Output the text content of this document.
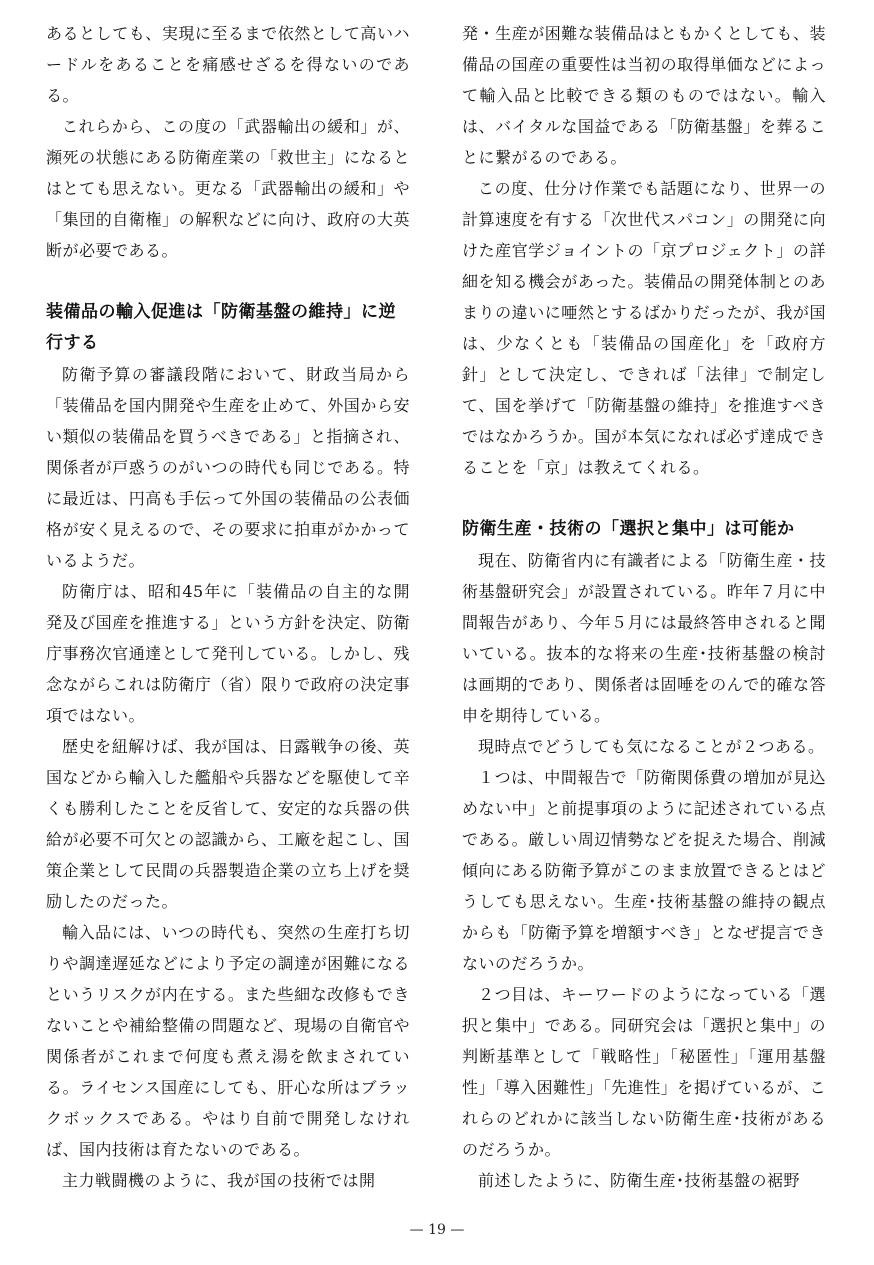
あるとしても、実現に至るまで依然として高いハードルをあることを痛感せざるを得ないのである。

これらから、この度の「武器輸出の緩和」が、瀕死の状態にある防衛産業の「救世主」になるとはとても思えない。更なる「武器輸出の緩和」や「集団的自衛権」の解釈などに向け、政府の大英断が必要である。

装備品の輸入促進は「防衛基盤の維持」に逆行する

防衛予算の審議段階において、財政当局から「装備品を国内開発や生産を止めて、外国から安い類似の装備品を買うべきである」と指摘され、関係者が戸惑うのがいつの時代も同じである。特に最近は、円高も手伝って外国の装備品の公表価格が安く見えるので、その要求に拍車がかかっているようだ。

防衛庁は、昭和45年に「装備品の自主的な開発及び国産を推進する」という方針を決定、防衛庁事務次官通達として発刊している。しかし、残念ながらこれは防衛庁（省）限りで政府の決定事項ではない。

歴史を紐解けば、我が国は、日露戦争の後、英国などから輸入した艦船や兵器などを駆使して辛くも勝利したことを反省して、安定的な兵器の供給が必要不可欠との認識から、工廠を起こし、国策企業として民間の兵器製造企業の立ち上げを奨励したのだった。

輸入品には、いつの時代も、突然の生産打ち切りや調達遅延などにより予定の調達が困難になるというリスクが内在する。また些細な改修もできないことや補給整備の問題など、現場の自衛官や関係者がこれまで何度も煮え湯を飲まされている。ライセンス国産にしても、肝心な所はブラックボックスである。やはり自前で開発しなければ、国内技術は育たないのである。

主力戦闘機のように、我が国の技術では開

発・生産が困難な装備品はともかくとしても、装備品の国産の重要性は当初の取得単価などによって輸入品と比較できる類のものではない。輸入は、バイタルな国益である「防衛基盤」を葬ることに繋がるのである。

この度、仕分け作業でも話題になり、世界一の計算速度を有する「次世代スパコン」の開発に向けた産官学ジョイントの「京プロジェクト」の詳細を知る機会があった。装備品の開発体制とのあまりの違いに唖然とするばかりだったが、我が国は、少なくとも「装備品の国産化」を「政府方針」として決定し、できれば「法律」で制定して、国を挙げて「防衛基盤の維持」を推進すべきではなかろうか。国が本気になれば必ず達成できることを「京」は教えてくれる。

防衛生産・技術の「選択と集中」は可能か

現在、防衛省内に有識者による「防衛生産・技術基盤研究会」が設置されている。昨年７月に中間報告があり、今年５月には最終答申されると聞いている。抜本的な将来の生産･技術基盤の検討は画期的であり、関係者は固唾をのんで的確な答申を期待している。

現時点でどうしても気になることが２つある。

１つは、中間報告で「防衛関係費の増加が見込めない中」と前提事項のように記述されている点である。厳しい周辺情勢などを捉えた場合、削減傾向にある防衛予算がこのまま放置できるとはどうしても思えない。生産･技術基盤の維持の観点からも「防衛予算を増額すべき」となぜ提言できないのだろうか。

２つ目は、キーワードのようになっている「選択と集中」である。同研究会は「選択と集中」の判断基準として「戦略性」「秘匿性」「運用基盤性」「導入困難性」「先進性」を掲げているが、これらのどれかに該当しない防衛生産･技術があるのだろうか。

前述したように、防衛生産･技術基盤の裾野

— 19 —
